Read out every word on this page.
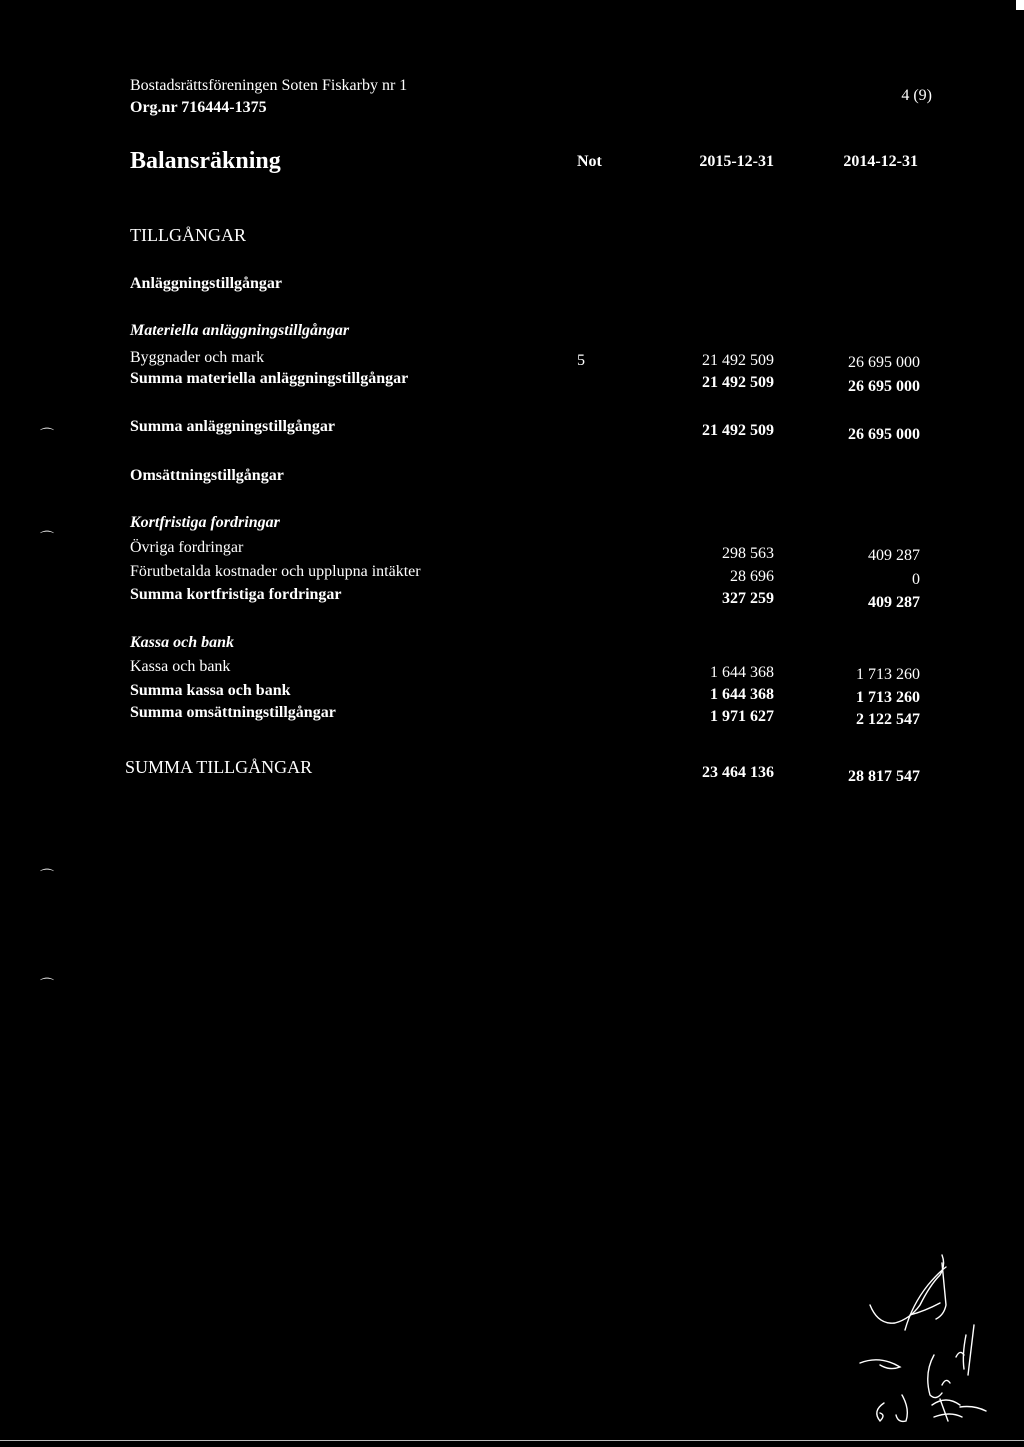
Bostadsrättsföreningen Soten Fiskarby nr 1
Org.nr 716444-1375
4 (9)
Balansräkning	Not	2015-12-31	2014-12-31
TILLGÅNGAR
Anläggningstillgångar
Materiella anläggningstillgångar
Byggnader och mark	5	21 492 509	26 695 000
Summa materiella anläggningstillgångar	21 492 509	26 695 000
⌒
Summa anläggningstillgångar	21 492 509	26 695 000
Omsättningstillgångar
⌒
Kortfristiga fordringar
Övriga fordringar	298 563	409 287
Förutbetalda kostnader och upplupna intäkter	28 696	0
Summa kortfristiga fordringar	327 259	409 287
Kassa och bank
Kassa och bank	1 644 368	1 713 260
Summa kassa och bank	1 644 368	1 713 260
Summa omsättningstillgångar	1 971 627	2 122 547
SUMMA TILLGÅNGAR	23 464 136	28 817 547
⌒
⌒
